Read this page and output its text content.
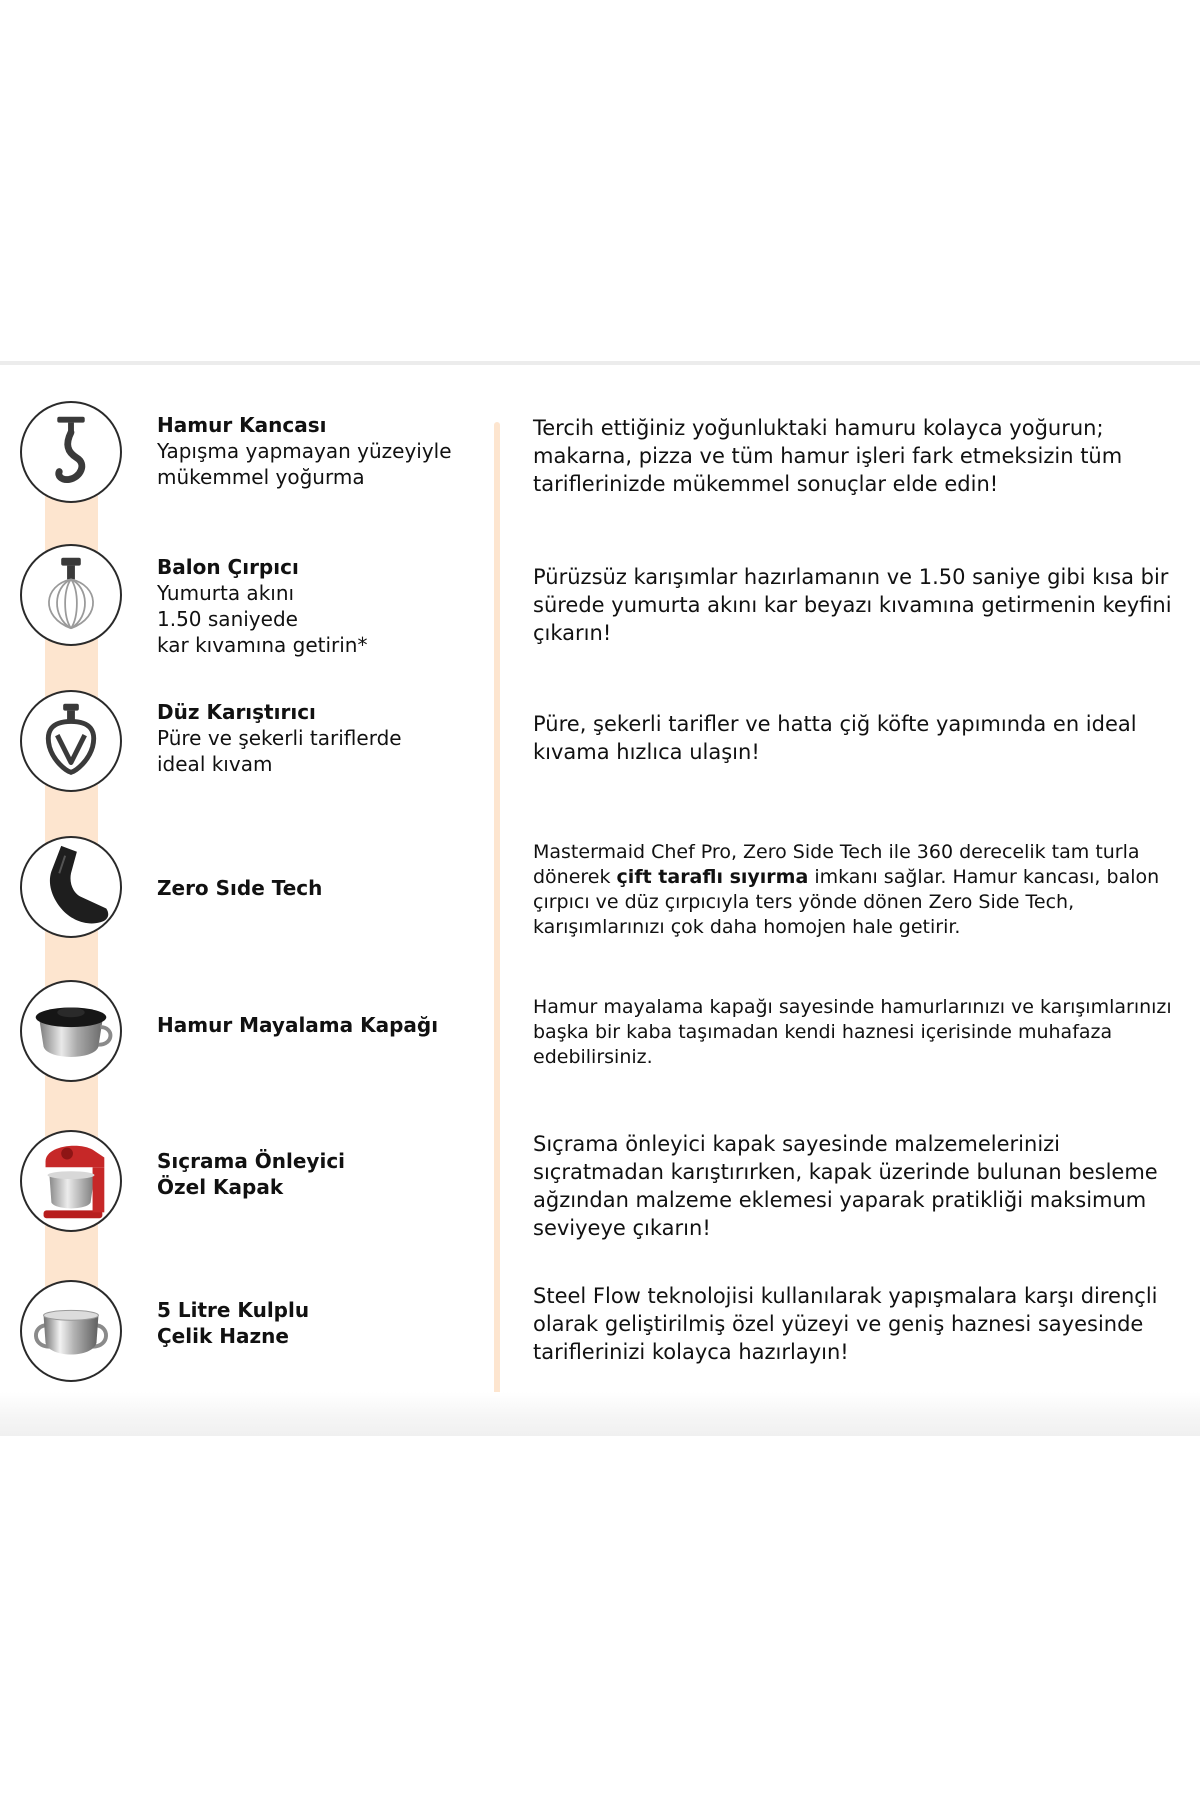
Hamur Kancası
Yapışma yapmayan yüzeyiyle
mükemmel yoğurma
Tercih ettiğiniz yoğunluktaki hamuru kolayca yoğurun; makarna, pizza ve tüm hamur işleri fark etmeksizin tüm tariflerinizde mükemmel sonuçlar elde edin!
Balon Çırpıcı
Yumurta akını
1.50 saniyede
kar kıvamına getirin*
Pürüzsüz karışımlar hazırlamanın ve 1.50 saniye gibi kısa bir sürede yumurta akını kar beyazı kıvamına getirmenin keyfini çıkarın!
Düz Karıştırıcı
Püre ve şekerli tariflerde
ideal kıvam
Püre, şekerli tarifler ve hatta çiğ köfte yapımında en ideal kıvama hızlıca ulaşın!
Zero Sıde Tech
Mastermaid Chef Pro, Zero Side Tech ile 360 derecelik tam turla dönerek çift taraflı sıyırma imkanı sağlar. Hamur kancası, balon çırpıcı ve düz çırpıcıyla ters yönde dönen Zero Side Tech, karışımlarınızı çok daha homojen hale getirir.
Hamur Mayalama Kapağı
Hamur mayalama kapağı sayesinde hamurlarınızı ve karışımlarınızı başka bir kaba taşımadan kendi haznesi içerisinde muhafaza edebilirsiniz.
Sıçrama Önleyici
Özel Kapak
Sıçrama önleyici kapak sayesinde malzemelerinizi sıçratmadan karıştırırken, kapak üzerinde bulunan besleme ağzından malzeme eklemesi yaparak pratikliği maksimum seviyeye çıkarın!
5 Litre Kulplu
Çelik Hazne
Steel Flow teknolojisi kullanılarak yapışmalara karşı dirençli olarak geliştirilmiş özel yüzeyi ve geniş haznesi sayesinde tariflerinizi kolayca hazırlayın!
